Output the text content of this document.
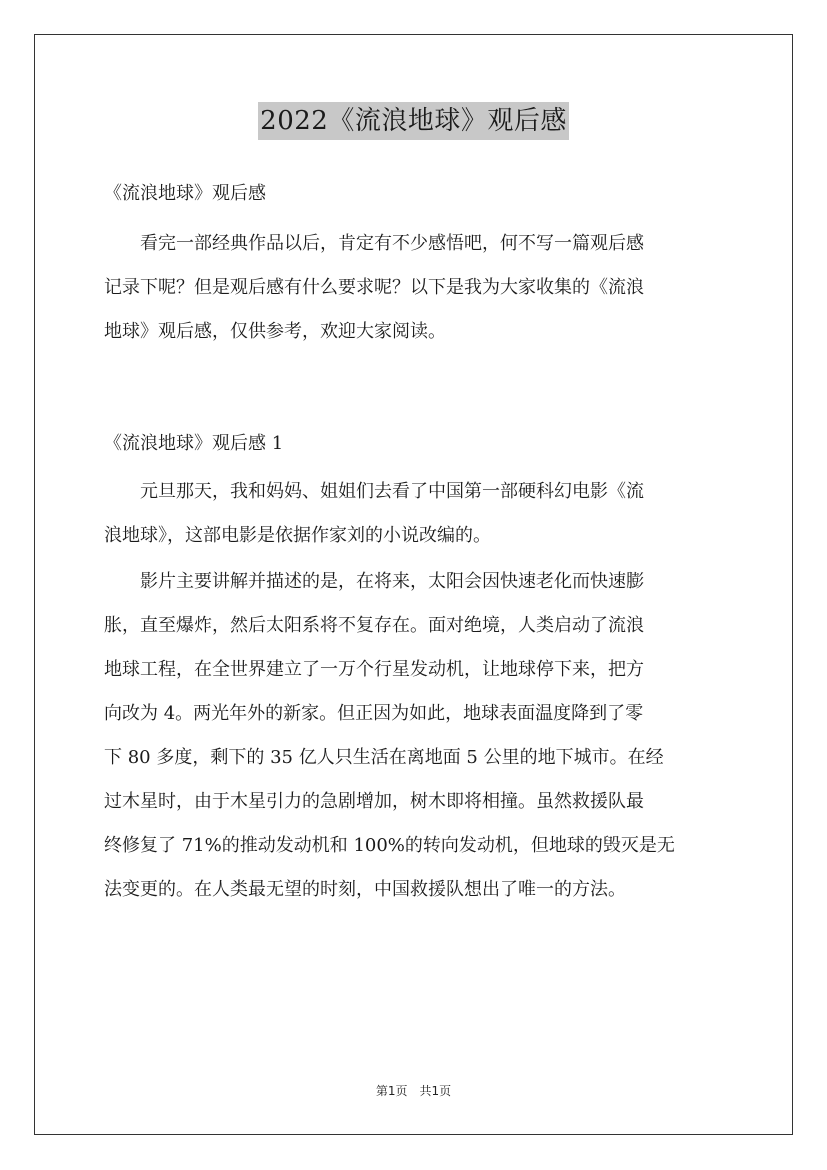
2022《流浪地球》观后感
《流浪地球》观后感
　　看完一部经典作品以后，肯定有不少感悟吧，何不写一篇观后感
记录下呢？但是观后感有什么要求呢？以下是我为大家收集的《流浪
地球》观后感，仅供参考，欢迎大家阅读。
《流浪地球》观后感 1
　　元旦那天，我和妈妈、姐姐们去看了中国第一部硬科幻电影《流
浪地球》，这部电影是依据作家刘的小说改编的。
　　影片主要讲解并描述的是，在将来，太阳会因快速老化而快速膨
胀，直至爆炸，然后太阳系将不复存在。面对绝境，人类启动了流浪
地球工程，在全世界建立了一万个行星发动机，让地球停下来，把方
向改为 4。两光年外的新家。但正因为如此，地球表面温度降到了零
下 80 多度，剩下的 35 亿人只生活在离地面 5 公里的地下城市。在经
过木星时，由于木星引力的急剧增加，树木即将相撞。虽然救援队最
终修复了 71%的推动发动机和 100%的转向发动机，但地球的毁灭是无
法变更的。在人类最无望的时刻，中国救援队想出了唯一的方法。
第1页　共1页
